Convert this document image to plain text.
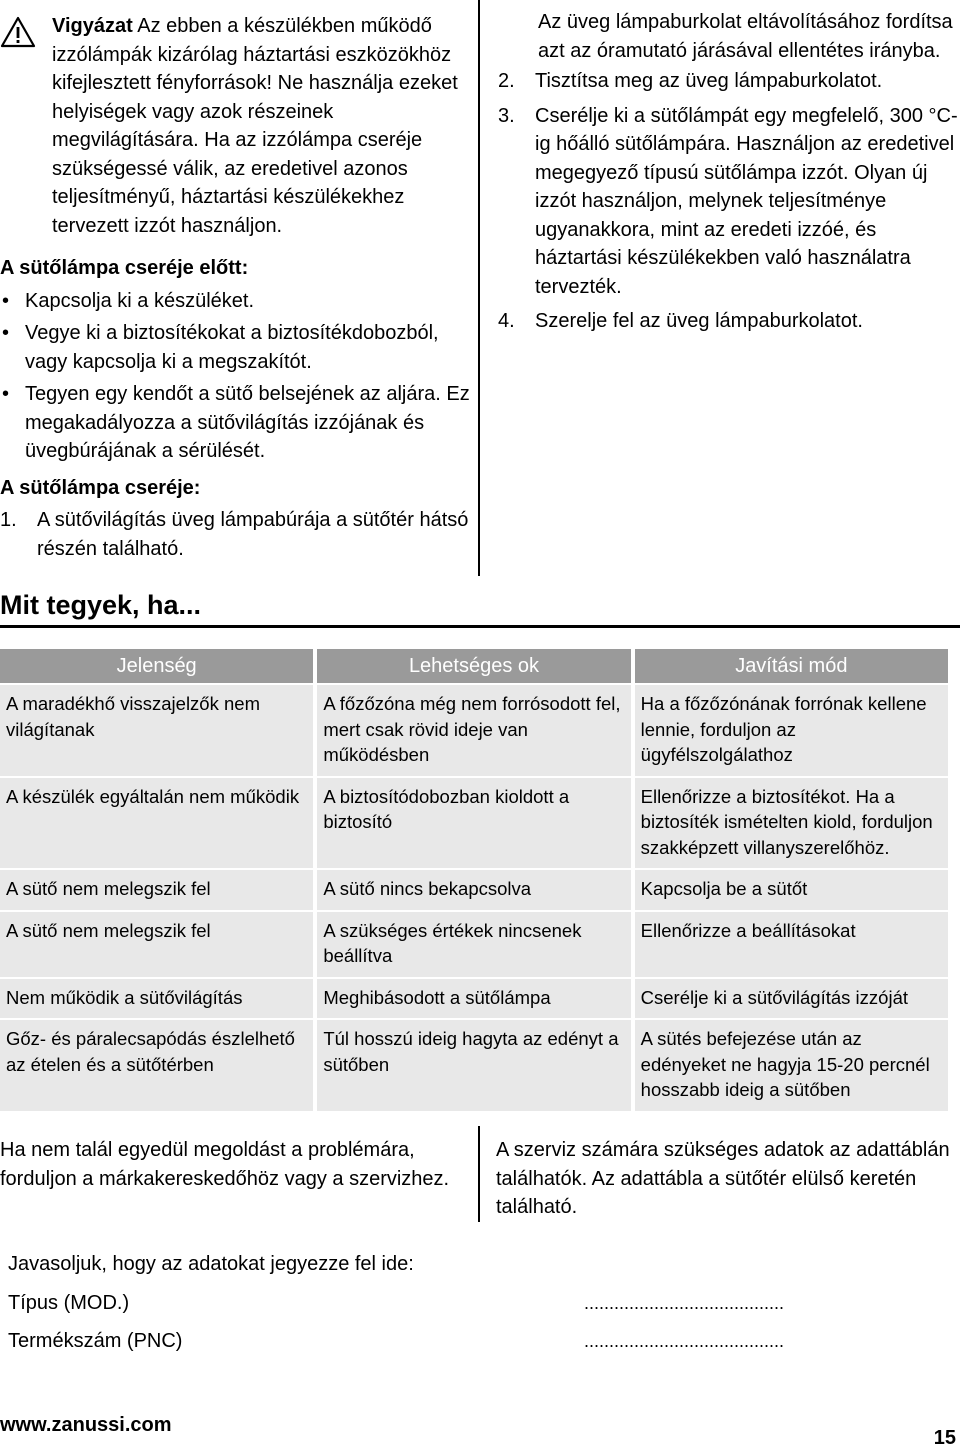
Vigyázat Az ebben a készülékben működő izzólámpák kizárólag háztartási eszközökhöz kifejlesztett fényforrások! Ne használja ezeket helyiségek vagy azok részeinek megvilágítására. Ha az izzólámpa cseréje szükségessé válik, az eredetivel azonos teljesítményű, háztartási készülékekhez tervezett izzót használjon.
A sütőlámpa cseréje előtt:
• Kapcsolja ki a készüléket.
• Vegye ki a biztosítékokat a biztosítékdobozból, vagy kapcsolja ki a megszakítót.
• Tegyen egy kendőt a sütő belsejének az aljára. Ez megakadályozza a sütővilágítás izzójának és üvegbúrájának a sérülését.
A sütőlámpa cseréje:
1. A sütővilágítás üveg lámpabúrája a sütőtér hátsó részén található.
Az üveg lámpaburkolat eltávolításához fordítsa azt az óramutató járásával ellentétes irányba.
2. Tisztítsa meg az üveg lámpaburkolatot.
3. Cserélje ki a sütőlámpát egy megfelelő, 300 °C-ig hőálló sütőlámpára. Használjon az eredetivel megegyező típusú sütőlámpa izzót. Olyan új izzót használjon, melynek teljesítménye ugyanakkora, mint az eredeti izzóé, és háztartási készülékekben való használatra tervezték.
4. Szerelje fel az üveg lámpaburkolatot.
Mit tegyek, ha...
Jelenség	Lehetséges ok	Javítási mód
A maradékhő visszajelzők nem világítanak	A főzőzóna még nem forrósodott fel, mert csak rövid ideje van működésben	Ha a főzőzónának forrónak kellene lennie, forduljon az ügyfélszolgálathoz
A készülék egyáltalán nem működik	A biztosítódobozban kioldott a biztosító	Ellenőrizze a biztosítékot. Ha a biztosíték ismételten kiold, forduljon szakképzett villanyszerelőhöz.
A sütő nem melegszik fel	A sütő nincs bekapcsolva	Kapcsolja be a sütőt
A sütő nem melegszik fel	A szükséges értékek nincsenek beállítva	Ellenőrizze a beállításokat
Nem működik a sütővilágítás	Meghibásodott a sütőlámpa	Cserélje ki a sütővilágítás izzóját
Gőz- és páralecsapódás észlelhető az ételen és a sütőtérben	Túl hosszú ideig hagyta az edényt a sütőben	A sütés befejezése után az edényeket ne hagyja 15-20 percnél hosszabb ideig a sütőben
Ha nem talál egyedül megoldást a problémára, forduljon a márkakereskedőhöz vagy a szervizhez.
A szerviz számára szükséges adatok az adattáblán találhatók. Az adattábla a sütőtér elülső keretén található.
Javasoljuk, hogy az adatokat jegyezze fel ide:
Típus (MOD.)	........................................
Termékszám (PNC)	........................................
www.zanussi.com
15
